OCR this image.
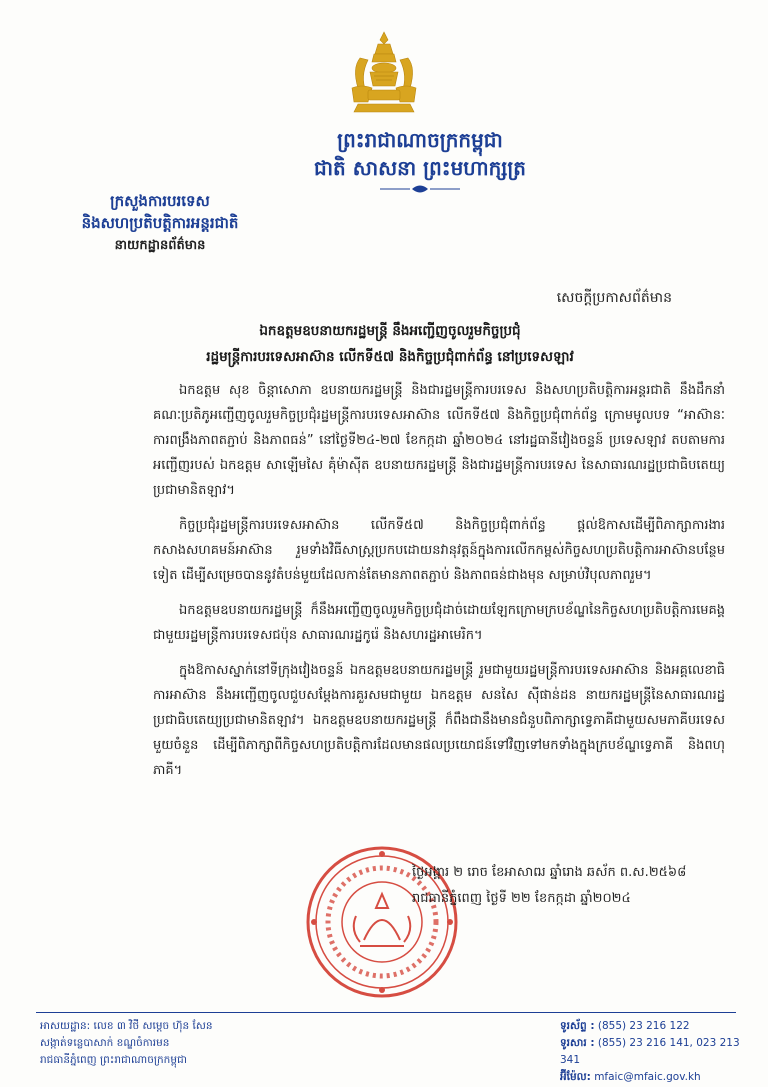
ព្រះរាជាណាចក្រកម្ពុជា
ជាតិ សាសនា ព្រះមហាក្សត្រ
ក្រសួងការបរទេស
និងសហប្រតិបត្តិការអន្តរជាតិ
នាយកដ្ឋានព័ត៌មាន
សេចក្តីប្រកាសព័ត៌មាន
ឯកឧត្តមឧបនាយករដ្ឋមន្ត្រី នឹងអញ្ជើញចូលរួមកិច្ចប្រជុំ
រដ្ឋមន្ត្រីការបរទេសអាស៊ាន លើកទី៥៧ និងកិច្ចប្រជុំពាក់ព័ន្ធ នៅប្រទេសឡាវ

ឯកឧត្តម សុខ ចិន្ដាសោភា ឧបនាយករដ្ឋមន្ត្រី និងជារដ្ឋមន្ត្រីការបរទេស និងសហប្រតិបត្តិការអន្តរជាតិ នឹងដឹកនាំគណៈប្រតិភូអញ្ជើញចូលរួមកិច្ចប្រជុំរដ្ឋមន្ត្រីការបរទេសអាស៊ាន លើកទី៥៧ និងកិច្ចប្រជុំពាក់ព័ន្ធ ក្រោមមូលបទ “អាស៊ានៈ ការពង្រឹងភាពតភ្ជាប់ និងភាពធន់” នៅថ្ងៃទី២៤-២៧ ខែកក្កដា ឆ្នាំ២០២៤ នៅរដ្ឋធានីវៀងចន្ទន៍ ប្រទេសឡាវ តបតាមការអញ្ជើញរបស់ ឯកឧត្តម សាឡើមសៃ គុំម៉ាស៊ីត ឧបនាយករដ្ឋមន្ត្រី និងជារដ្ឋមន្ត្រីការបរទេស នៃសាធារណរដ្ឋប្រជាធិបតេយ្យប្រជាមានិតឡាវ។

កិច្ចប្រជុំរដ្ឋមន្ត្រីការបរទេសអាស៊ាន លើកទី៥៧ និងកិច្ចប្រជុំពាក់ព័ន្ធ ផ្តល់ឱកាសដើម្បីពិភាក្សាការងារកសាងសហគមន៍អាស៊ាន រួមទាំងវិធីសាស្ត្រប្រកបដោយនវានុវត្តន៍ក្នុងការលើកកម្ពស់កិច្ចសហប្រតិបត្តិការអាស៊ានបន្ថែមទៀត ដើម្បីសម្រេចបាននូវតំបន់មួយដែលកាន់តែមានភាពតភ្ជាប់ និងភាពធន់ជាងមុន សម្រាប់វិបុលភាពរួម។

ឯកឧត្តមឧបនាយករដ្ឋមន្ត្រី ក៏នឹងអញ្ជើញចូលរួមកិច្ចប្រជុំដាច់ដោយឡែកក្រោមក្របខ័ណ្ឌនៃកិច្ចសហប្រតិបត្តិការមេគង្គ ជាមួយរដ្ឋមន្ត្រីការបរទេសជប៉ុន សាធារណរដ្ឋកូរ៉េ និងសហរដ្ឋអាមេរិក។

ក្នុងឱកាសស្នាក់នៅទីក្រុងវៀងចន្ទន៍ ឯកឧត្តមឧបនាយករដ្ឋមន្ត្រី រួមជាមួយរដ្ឋមន្ត្រីការបរទេសអាស៊ាន និងអគ្គលេខាធិការអាស៊ាន នឹងអញ្ជើញចូលជួបសម្តែងការគួរសមជាមួយ ឯកឧត្តម សនសៃ ស៊ីផាន់ដន នាយករដ្ឋមន្ត្រីនៃសាធារណរដ្ឋប្រជាធិបតេយ្យប្រជាមានិតឡាវ។ ឯកឧត្តមឧបនាយករដ្ឋមន្ត្រី ក៏ពឹងជានឹងមានជំនួបពិភាក្សាទ្វេភាគីជាមួយសមភាគីបរទេសមួយចំនួន ដើម្បីពិភាក្សាពីកិច្ចសហប្រតិបត្តិការដែលមានផលប្រយោជន៍ទៅវិញទៅមកទាំងក្នុងក្របខ័ណ្ឌទ្វេភាគី និងពហុភាគី។

ថ្ងៃអង្គារ ២ រោច ខែអាសាឍ ឆ្នាំរោង ឆស័ក ព.ស.២៥៦៨
រាជធានីភ្នំពេញ ថ្ងៃទី ២២ ខែកក្កដា ឆ្នាំ២០២៤
អាសយដ្ឋាន: លេខ ៣ វិថី សម្តេច ហ៊ុន សែន
សង្កាត់ទន្លេបាសាក់ ខណ្ឌចំការមន
រាជធានីភ្នំពេញ ព្រះរាជាណាចក្រកម្ពុជា
ទូរស័ព្ទ : (855) 23 216 122
ទូរសារ : (855) 23 216 141, 023 213 341
អ៊ីម៉ែល: mfaic@mfaic.gov.kh
